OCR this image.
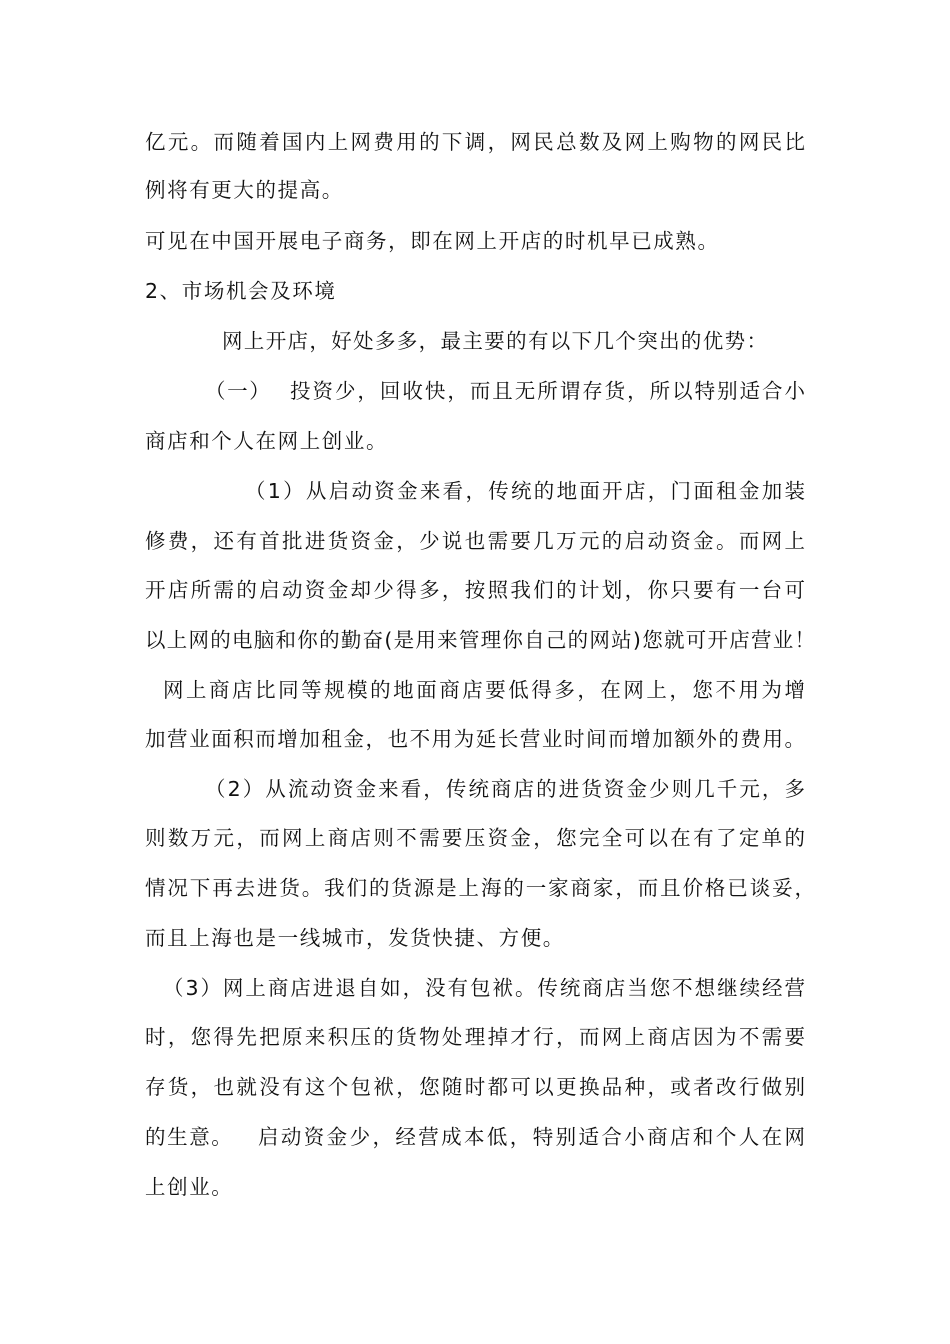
亿元。而随着国内上网费用的下调，网民总数及网上购物的网民比
例将有更大的提高。
可见在中国开展电子商务，即在网上开店的时机早已成熟。
2、市场机会及环境
网上开店，好处多多，最主要的有以下几个突出的优势：
（一） 投资少，回收快，而且无所谓存货，所以特别适合小
商店和个人在网上创业。
（1）从启动资金来看，传统的地面开店，门面租金加装
修费，还有首批进货资金，少说也需要几万元的启动资金。而网上
开店所需的启动资金却少得多，按照我们的计划，你只要有一台可
以上网的电脑和你的勤奋(是用来管理你自己的网站)您就可开店营业！
网上商店比同等规模的地面商店要低得多，在网上，您不用为增
加营业面积而增加租金，也不用为延长营业时间而增加额外的费用。
（2）从流动资金来看，传统商店的进货资金少则几千元，多
则数万元，而网上商店则不需要压资金，您完全可以在有了定单的
情况下再去进货。我们的货源是上海的一家商家，而且价格已谈妥，
而且上海也是一线城市，发货快捷、方便。
（3）网上商店进退自如，没有包袱。传统商店当您不想继续经营
时，您得先把原来积压的货物处理掉才行，而网上商店因为不需要
存货，也就没有这个包袱，您随时都可以更换品种，或者改行做别
的生意。 启动资金少，经营成本低，特别适合小商店和个人在网
上创业。
